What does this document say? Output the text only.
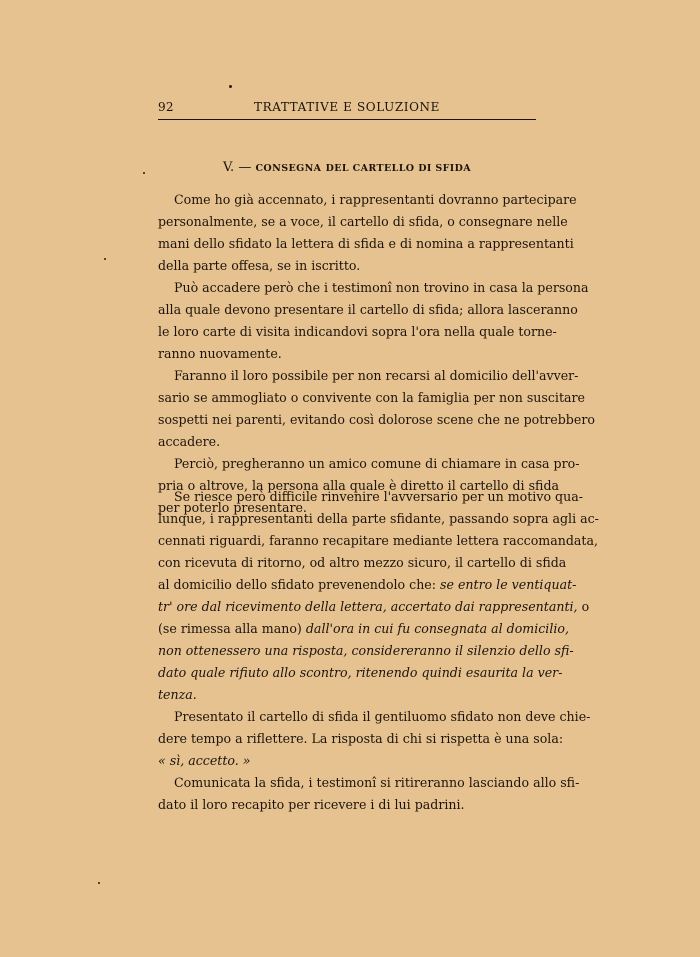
92	TRATTATIVE E SOLUZIONE
V. — CONSEGNA DEL CARTELLO DI SFIDA
Come ho già accennato, i rappresentanti dovranno partecipare
personalmente, se a voce, il cartello di sfida, o consegnare nelle
mani dello sfidato la lettera di sfida e di nomina a rappresentanti
della parte offesa, se in iscritto.
Può accadere però che i testimonî non trovino in casa la persona
alla quale devono presentare il cartello di sfida; allora lasceranno
le loro carte di visita indicandovi sopra l'ora nella quale torne-
ranno nuovamente.
Faranno il loro possibile per non recarsi al domicilio dell'avver-
sario se ammogliato o convivente con la famiglia per non suscitare
sospetti nei parenti, evitando così dolorose scene che ne potrebbero
accadere.
Perciò, pregheranno un amico comune di chiamare in casa pro-
pria o altrove, la persona alla quale è diretto il cartello di sfida
per poterlo presentare.
Se riesce però difficile rinvenire l'avversario per un motivo qua-
lunque, i rappresentanti della parte sfidante, passando sopra agli ac-
cennati riguardi, faranno recapitare mediante lettera raccomandata,
con ricevuta di ritorno, od altro mezzo sicuro, il cartello di sfida
al domicilio dello sfidato prevenendolo che: se entro le ventiquat-
tr' ore dal ricevimento della lettera, accertato dai rappresentanti, o
(se rimessa alla mano) dall'ora in cui fu consegnata al domicilio,
non ottenessero una risposta, considereranno il silenzio dello sfi-
dato quale rifiuto allo scontro, ritenendo quindi esaurita la ver-
tenza.
Presentato il cartello di sfida il gentiluomo sfidato non deve chie-
dere tempo a riflettere. La risposta di chi si rispetta è una sola:
« sì, accetto. »
Comunicata la sfida, i testimonî si ritireranno lasciando allo sfi-
dato il loro recapito per ricevere i di lui padrini.
